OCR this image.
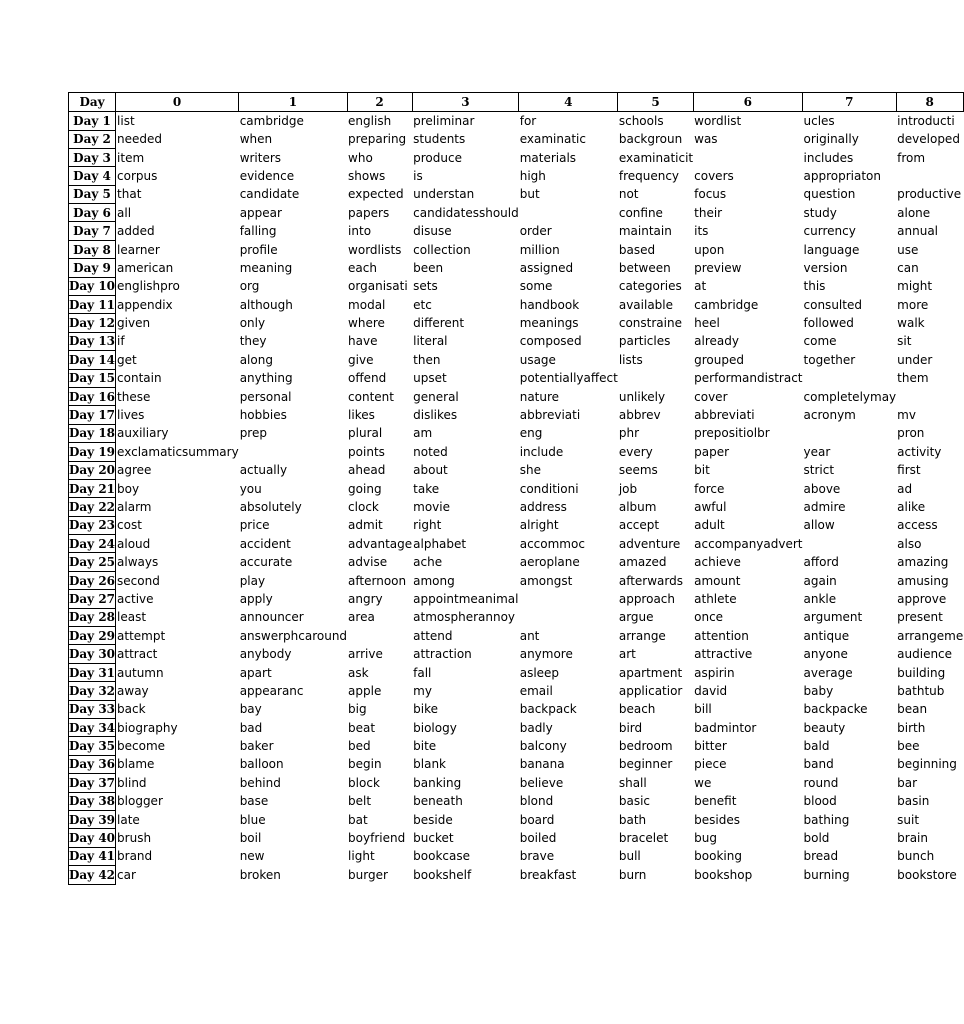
Day	0	1	2	3	4	5	6	7	8
Day 1	list	cambridge	english	preliminar	for	schools	wordlist	ucles	introducti
Day 2	needed	when	preparing	students	examinatic	backgroun	was	originally	developed
Day 3	item	writers	who	produce	materials	examinaticit		includes	from
Day 4	corpus	evidence	shows	is	high	frequency	covers	appropriaton	
Day 5	that	candidate	expected	understan	but	not	focus	question	productive
Day 6	all	appear	papers	candidatesshould		confine	their	study	alone
Day 7	added	falling	into	disuse	order	maintain	its	currency	annual
Day 8	learner	profile	wordlists	collection	million	based	upon	language	use
Day 9	american	meaning	each	been	assigned	between	preview	version	can
Day 10	englishpro	org	organisati	sets	some	categories	at	this	might
Day 11	appendix	although	modal	etc	handbook	available	cambridge	consulted	more
Day 12	given	only	where	different	meanings	constraine	heel	followed	walk
Day 13	if	they	have	literal	composed	particles	already	come	sit
Day 14	get	along	give	then	usage	lists	grouped	together	under
Day 15	contain	anything	offend	upset	potentiallyaffect		performandistract		them
Day 16	these	personal	content	general	nature	unlikely	cover	completelymay	
Day 17	lives	hobbies	likes	dislikes	abbreviati	abbrev	abbreviati	acronym	mv
Day 18	auxiliary	prep	plural	am	eng	phr	prepositiolbr		pron
Day 19	exclamaticsummary		points	noted	include	every	paper	year	activity
Day 20	agree	actually	ahead	about	she	seems	bit	strict	first
Day 21	boy	you	going	take	conditioni	job	force	above	ad
Day 22	alarm	absolutely	clock	movie	address	album	awful	admire	alike
Day 23	cost	price	admit	right	alright	accept	adult	allow	access
Day 24	aloud	accident	advantage	alphabet	accommoc	adventure	accompanyadvert		also
Day 25	always	accurate	advise	ache	aeroplane	amazed	achieve	afford	amazing
Day 26	second	play	afternoon	among	amongst	afterwards	amount	again	amusing
Day 27	active	apply	angry	appointmeanimal		approach	athlete	ankle	approve
Day 28	least	announcer	area	atmospherannoy		argue	once	argument	present
Day 29	attempt	answerphcaround		attend	ant	arrange	attention	antique	arrangeme
Day 30	attract	anybody	arrive	attraction	anymore	art	attractive	anyone	audience
Day 31	autumn	apart	ask	fall	asleep	apartment	aspirin	average	building
Day 32	away	appearanc	apple	my	email	applicatior	david	baby	bathtub
Day 33	back	bay	big	bike	backpack	beach	bill	backpacke	bean
Day 34	biography	bad	beat	biology	badly	bird	badmintor	beauty	birth
Day 35	become	baker	bed	bite	balcony	bedroom	bitter	bald	bee
Day 36	blame	balloon	begin	blank	banana	beginner	piece	band	beginning
Day 37	blind	behind	block	banking	believe	shall	we	round	bar
Day 38	blogger	base	belt	beneath	blond	basic	benefit	blood	basin
Day 39	late	blue	bat	beside	board	bath	besides	bathing	suit
Day 40	brush	boil	boyfriend	bucket	boiled	bracelet	bug	bold	brain
Day 41	brand	new	light	bookcase	brave	bull	booking	bread	bunch
Day 42	car	broken	burger	bookshelf	breakfast	burn	bookshop	burning	bookstore
